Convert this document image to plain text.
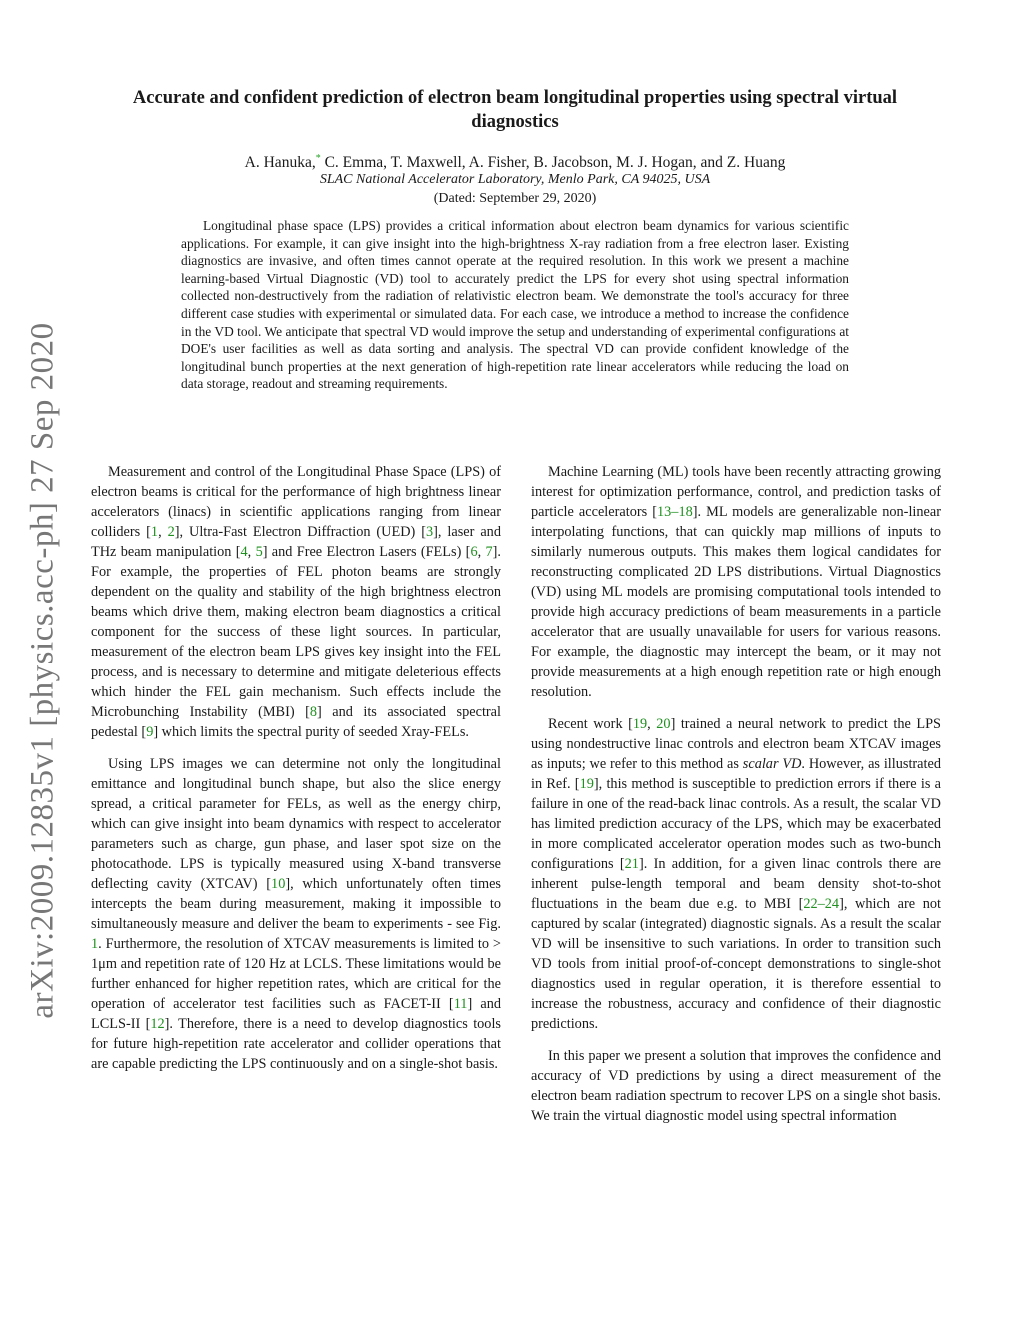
arXiv:2009.12835v1 [physics.acc-ph] 27 Sep 2020
Accurate and confident prediction of electron beam longitudinal properties using spectral virtual diagnostics
A. Hanuka,* C. Emma, T. Maxwell, A. Fisher, B. Jacobson, M. J. Hogan, and Z. Huang
SLAC National Accelerator Laboratory, Menlo Park, CA 94025, USA
(Dated: September 29, 2020)

Longitudinal phase space (LPS) provides a critical information about electron beam dynamics for various scientific applications. For example, it can give insight into the high-brightness X-ray radiation from a free electron laser. Existing diagnostics are invasive, and often times cannot operate at the required resolution. In this work we present a machine learning-based Virtual Diagnostic (VD) tool to accurately predict the LPS for every shot using spectral information collected non-destructively from the radiation of relativistic electron beam. We demonstrate the tool's accuracy for three different case studies with experimental or simulated data. For each case, we introduce a method to increase the confidence in the VD tool. We anticipate that spectral VD would improve the setup and understanding of experimental configurations at DOE's user facilities as well as data sorting and analysis. The spectral VD can provide confident knowledge of the longitudinal bunch properties at the next generation of high-repetition rate linear accelerators while reducing the load on data storage, readout and streaming requirements.

Measurement and control of the Longitudinal Phase Space (LPS) of electron beams is critical for the performance of high brightness linear accelerators (linacs) in scientific applications ranging from linear colliders [1, 2], Ultra-Fast Electron Diffraction (UED) [3], laser and THz beam manipulation [4, 5] and Free Electron Lasers (FELs) [6, 7]. For example, the properties of FEL photon beams are strongly dependent on the quality and stability of the high brightness electron beams which drive them, making electron beam diagnostics a critical component for the success of these light sources. In particular, measurement of the electron beam LPS gives key insight into the FEL process, and is necessary to determine and mitigate deleterious effects which hinder the FEL gain mechanism. Such effects include the Microbunching Instability (MBI) [8] and its associated spectral pedestal [9] which limits the spectral purity of seeded Xray-FELs.

Using LPS images we can determine not only the longitudinal emittance and longitudinal bunch shape, but also the slice energy spread, a critical parameter for FELs, as well as the energy chirp, which can give insight into beam dynamics with respect to accelerator parameters such as charge, gun phase, and laser spot size on the photocathode. LPS is typically measured using X-band transverse deflecting cavity (XTCAV) [10], which unfortunately often times intercepts the beam during measurement, making it impossible to simultaneously measure and deliver the beam to experiments - see Fig. 1. Furthermore, the resolution of XTCAV measurements is limited to > 1μm and repetition rate of 120 Hz at LCLS. These limitations would be further enhanced for higher repetition rates, which are critical for the operation of accelerator test facilities such as FACET-II [11] and LCLS-II [12]. Therefore, there is a need to develop diagnostics tools for future high-repetition rate accelerator and collider operations that are capable predicting the LPS continuously and on a single-shot basis.

Machine Learning (ML) tools have been recently attracting growing interest for optimization performance, control, and prediction tasks of particle accelerators [13–18]. ML models are generalizable non-linear interpolating functions, that can quickly map millions of inputs to similarly numerous outputs. This makes them logical candidates for reconstructing complicated 2D LPS distributions. Virtual Diagnostics (VD) using ML models are promising computational tools intended to provide high accuracy predictions of beam measurements in a particle accelerator that are usually unavailable for users for various reasons. For example, the diagnostic may intercept the beam, or it may not provide measurements at a high enough repetition rate or high enough resolution.

Recent work [19, 20] trained a neural network to predict the LPS using nondestructive linac controls and electron beam XTCAV images as inputs; we refer to this method as scalar VD. However, as illustrated in Ref. [19], this method is susceptible to prediction errors if there is a failure in one of the read-back linac controls. As a result, the scalar VD has limited prediction accuracy of the LPS, which may be exacerbated in more complicated accelerator operation modes such as two-bunch configurations [21]. In addition, for a given linac controls there are inherent pulse-length temporal and beam density shot-to-shot fluctuations in the beam due e.g. to MBI [22–24], which are not captured by scalar (integrated) diagnostic signals. As a result the scalar VD will be insensitive to such variations. In order to transition such VD tools from initial proof-of-concept demonstrations to single-shot diagnostics used in regular operation, it is therefore essential to increase the robustness, accuracy and confidence of their diagnostic predictions.

In this paper we present a solution that improves the confidence and accuracy of VD predictions by using a direct measurement of the electron beam radiation spectrum to recover LPS on a single shot basis. We train the virtual diagnostic model using spectral information
